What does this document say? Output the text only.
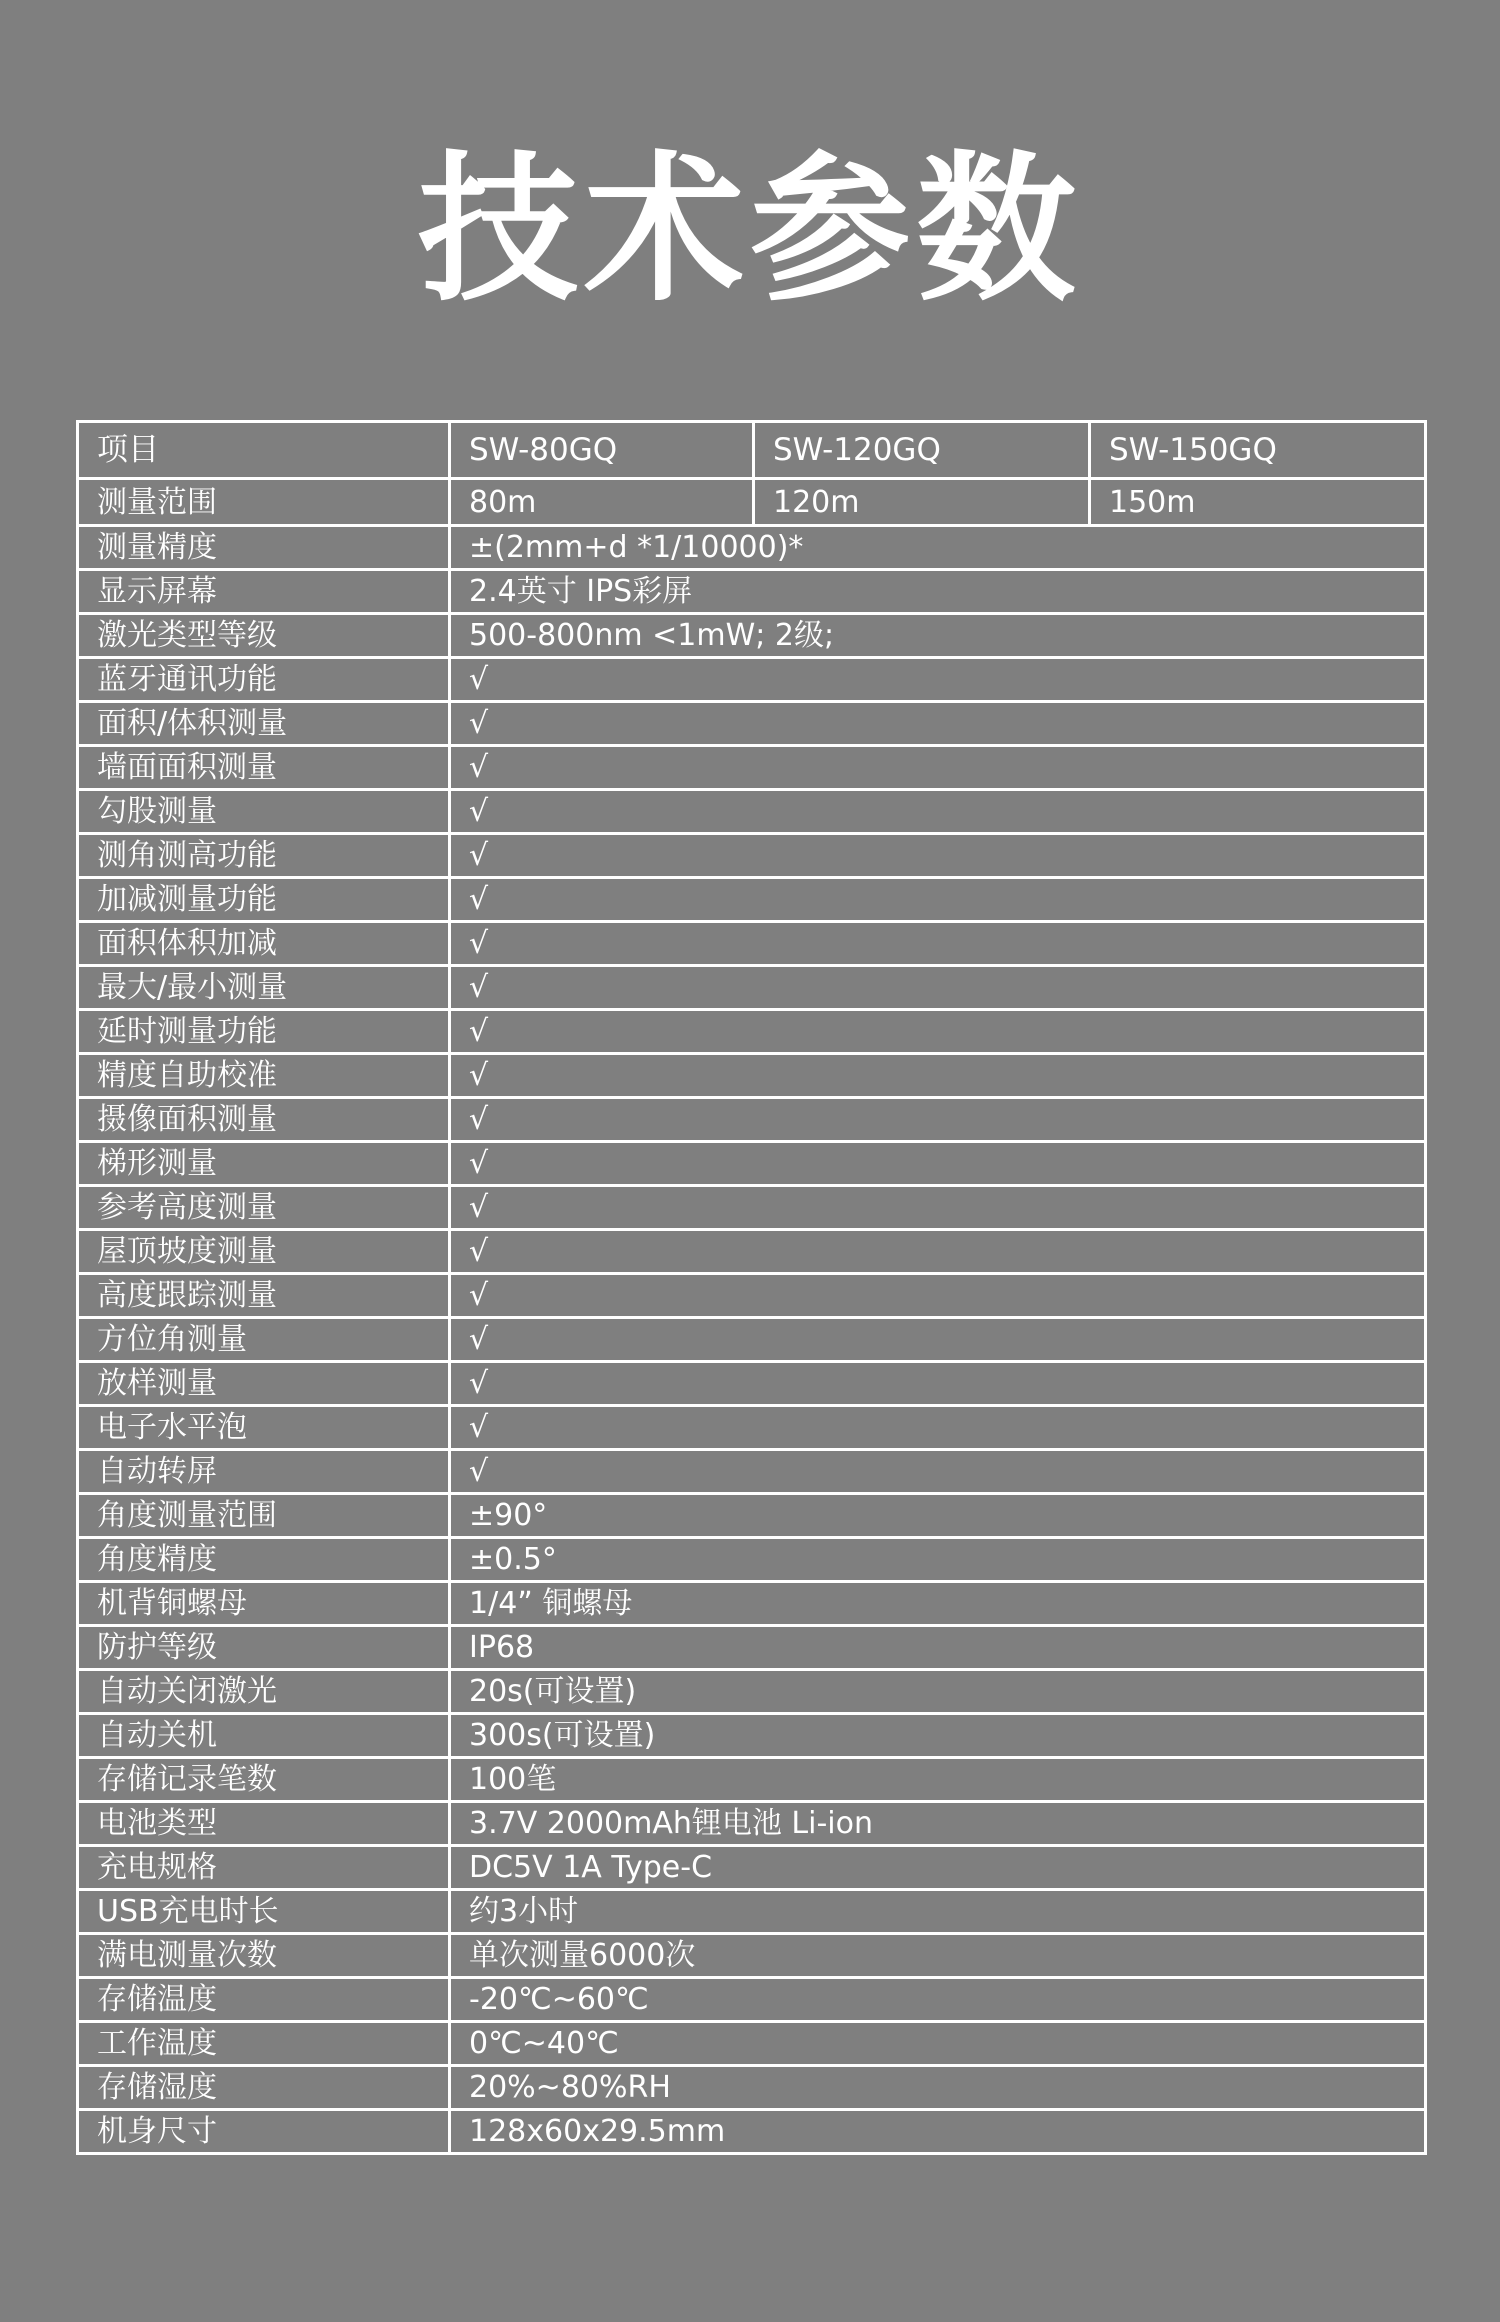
技术参数
项目	SW-80GQ	SW-120GQ	SW-150GQ
测量范围	80m	120m	150m
测量精度	±(2mm+d *1/10000)*		
显示屏幕	2.4英寸 IPS彩屏		
激光类型等级	500-800nm <1mW; 2级;		
蓝牙通讯功能	√		
面积/体积测量	√		
墙面面积测量	√		
勾股测量	√		
测角测高功能	√		
加减测量功能	√		
面积体积加减	√		
最大/最小测量	√		
延时测量功能	√		
精度自助校准	√		
摄像面积测量	√		
梯形测量	√		
参考高度测量	√		
屋顶坡度测量	√		
高度跟踪测量	√		
方位角测量	√		
放样测量	√		
电子水平泡	√		
自动转屏	√		
角度测量范围	±90°		
角度精度	±0.5°		
机背铜螺母	1/4” 铜螺母		
防护等级	IP68		
自动关闭激光	20s(可设置)		
自动关机	300s(可设置)		
存储记录笔数	100笔		
电池类型	3.7V 2000mAh锂电池 Li-ion		
充电规格	DC5V 1A Type-C		
USB充电时长	约3小时		
满电测量次数	单次测量6000次		
存储温度	-20℃~60℃		
工作温度	0℃~40℃		
存储湿度	20%~80%RH		
机身尺寸	128x60x29.5mm		
